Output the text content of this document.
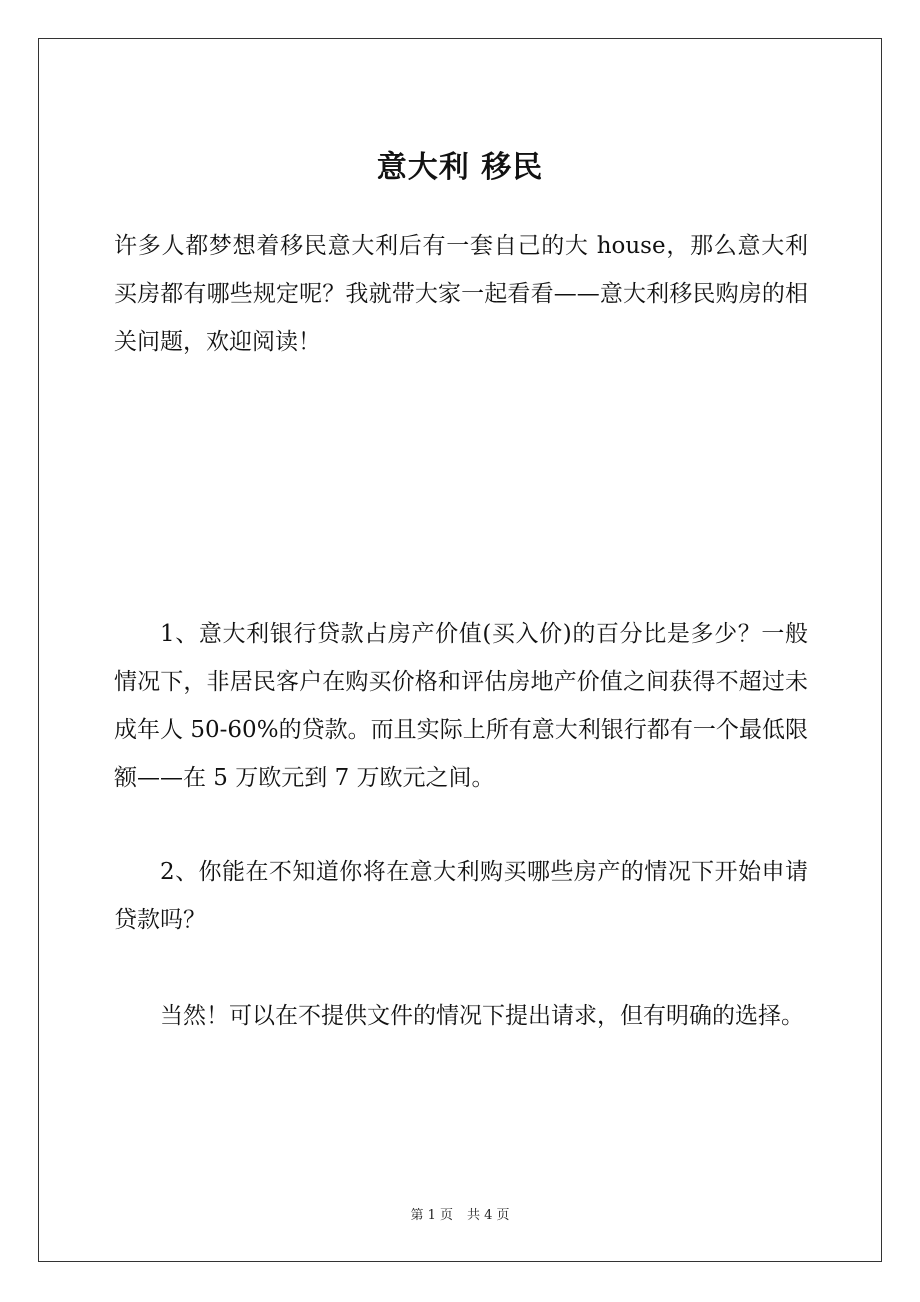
意大利 移民

许多人都梦想着移民意大利后有一套自己的大 house，那么意大利买房都有哪些规定呢？我就带大家一起看看——意大利移民购房的相关问题，欢迎阅读！

1、意大利银行贷款占房产价值(买入价)的百分比是多少？一般情况下，非居民客户在购买价格和评估房地产价值之间获得不超过未成年人 50-60%的贷款。而且实际上所有意大利银行都有一个最低限额——在 5 万欧元到 7 万欧元之间。

2、你能在不知道你将在意大利购买哪些房产的情况下开始申请贷款吗？

当然！可以在不提供文件的情况下提出请求，但有明确的选择。

第 1 页 共 4 页
